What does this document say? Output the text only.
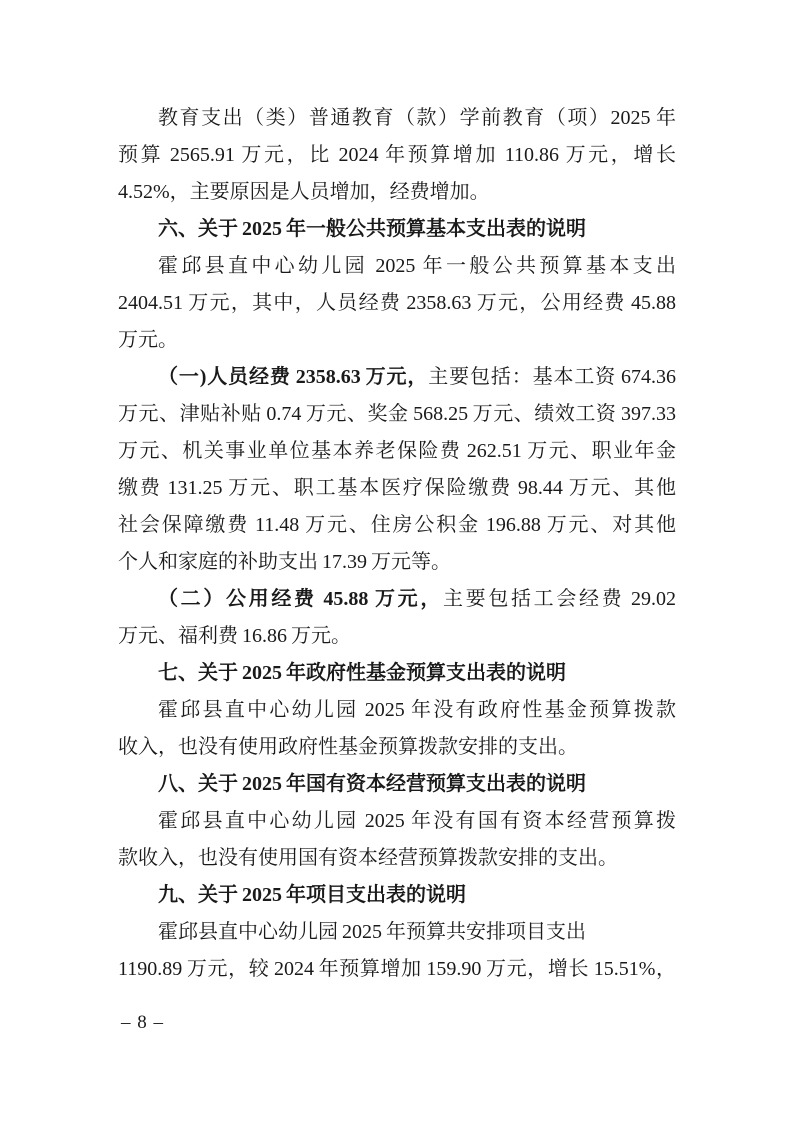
教育支出（类）普通教育（款）学前教育（项）2025 年
预算 2565.91 万元，比 2024 年预算增加 110.86 万元，增长
4.52%，主要原因是人员增加，经费增加。
六、关于 2025 年一般公共预算基本支出表的说明
霍邱县直中心幼儿园 2025 年一般公共预算基本支出
2404.51 万元，其中，人员经费 2358.63 万元，公用经费 45.88
万元。
（一)人员经费 2358.63 万元，主要包括：基本工资 674.36
万元、津贴补贴 0.74 万元、奖金 568.25 万元、绩效工资 397.33
万元、机关事业单位基本养老保险费 262.51 万元、职业年金
缴费 131.25 万元、职工基本医疗保险缴费 98.44 万元、其他
社会保障缴费 11.48 万元、住房公积金 196.88 万元、对其他
个人和家庭的补助支出 17.39 万元等。
（二）公用经费 45.88 万元，主要包括工会经费 29.02
万元、福利费 16.86 万元。
七、关于 2025 年政府性基金预算支出表的说明
霍邱县直中心幼儿园 2025 年没有政府性基金预算拨款
收入，也没有使用政府性基金预算拨款安排的支出。
八、关于 2025 年国有资本经营预算支出表的说明
霍邱县直中心幼儿园 2025 年没有国有资本经营预算拨
款收入，也没有使用国有资本经营预算拨款安排的支出。
九、关于 2025 年项目支出表的说明
霍邱县直中心幼儿园 2025 年预算共安排项目支出
1190.89 万元，较 2024 年预算增加 159.90 万元，增长 15.51%，
– 8 –
